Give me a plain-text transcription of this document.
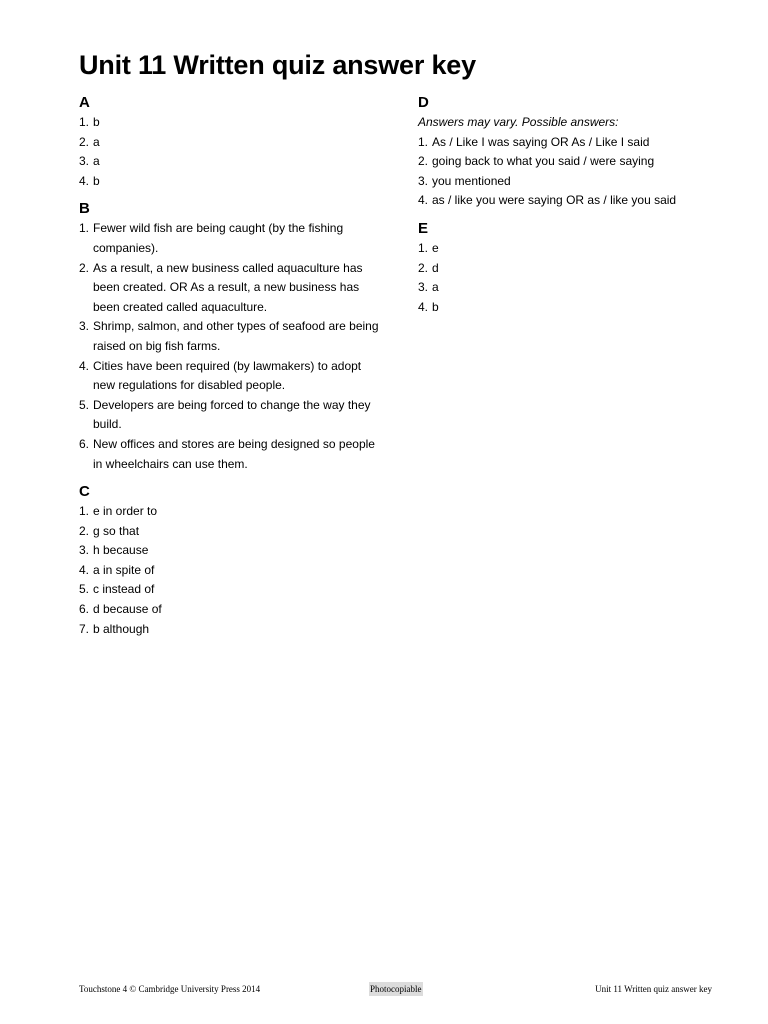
Unit 11 Written quiz answer key
A
1. b
2. a
3. a
4. b
B
1. Fewer wild fish are being caught (by the fishing companies).
2. As a result, a new business called aquaculture has been created. OR As a result, a new business has been created called aquaculture.
3. Shrimp, salmon, and other types of seafood are being raised on big fish farms.
4. Cities have been required (by lawmakers) to adopt new regulations for disabled people.
5. Developers are being forced to change the way they build.
6. New offices and stores are being designed so people in wheelchairs can use them.
C
1. e in order to
2. g so that
3. h because
4. a in spite of
5. c instead of
6. d because of
7. b although
D
Answers may vary. Possible answers:
1. As / Like I was saying OR As / Like I said
2. going back to what you said / were saying
3. you mentioned
4. as / like you were saying OR as / like you said
E
1. e
2. d
3. a
4. b
Touchstone 4 © Cambridge University Press 2014	Photocopiable	Unit 11 Written quiz answer key
